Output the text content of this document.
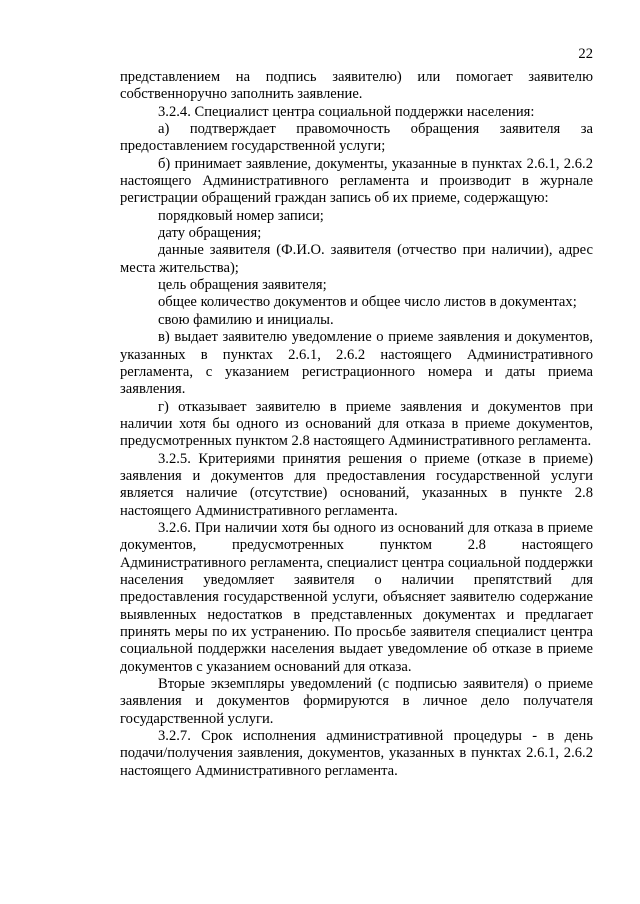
22

представлением на подпись заявителю) или помогает заявителю собственноручно заполнить заявление.

3.2.4. Специалист центра социальной поддержки населения:

а) подтверждает правомочность обращения заявителя за предоставлением государственной услуги;

б) принимает заявление, документы, указанные в пунктах 2.6.1, 2.6.2 настоящего Административного регламента и производит в журнале регистрации обращений граждан запись об их приеме, содержащую:

порядковый номер записи;

дату обращения;

данные заявителя (Ф.И.О. заявителя (отчество при наличии), адрес места жительства);

цель обращения заявителя;

общее количество документов и общее число листов в документах;

свою фамилию и инициалы.

в) выдает заявителю уведомление о приеме заявления и документов, указанных в пунктах 2.6.1, 2.6.2 настоящего Административного регламента, с указанием регистрационного номера и даты приема заявления.

г) отказывает заявителю в приеме заявления и документов при наличии хотя бы одного из оснований для отказа в приеме документов, предусмотренных пунктом 2.8 настоящего Административного регламента.

3.2.5. Критериями принятия решения о приеме (отказе в приеме) заявления и документов для предоставления государственной услуги является наличие (отсутствие) оснований, указанных в пункте 2.8 настоящего Административного регламента.

3.2.6. При наличии хотя бы одного из оснований для отказа в приеме документов, предусмотренных пунктом 2.8 настоящего Административного регламента, специалист центра социальной поддержки населения уведомляет заявителя о наличии препятствий для предоставления государственной услуги, объясняет заявителю содержание выявленных недостатков в представленных документах и предлагает принять меры по их устранению. По просьбе заявителя специалист центра социальной поддержки населения выдает уведомление об отказе в приеме документов с указанием оснований для отказа.

Вторые экземпляры уведомлений (с подписью заявителя) о приеме заявления и документов формируются в личное дело получателя государственной услуги.

3.2.7. Срок исполнения административной процедуры - в день подачи/получения заявления, документов, указанных в пунктах 2.6.1, 2.6.2 настоящего Административного регламента.
